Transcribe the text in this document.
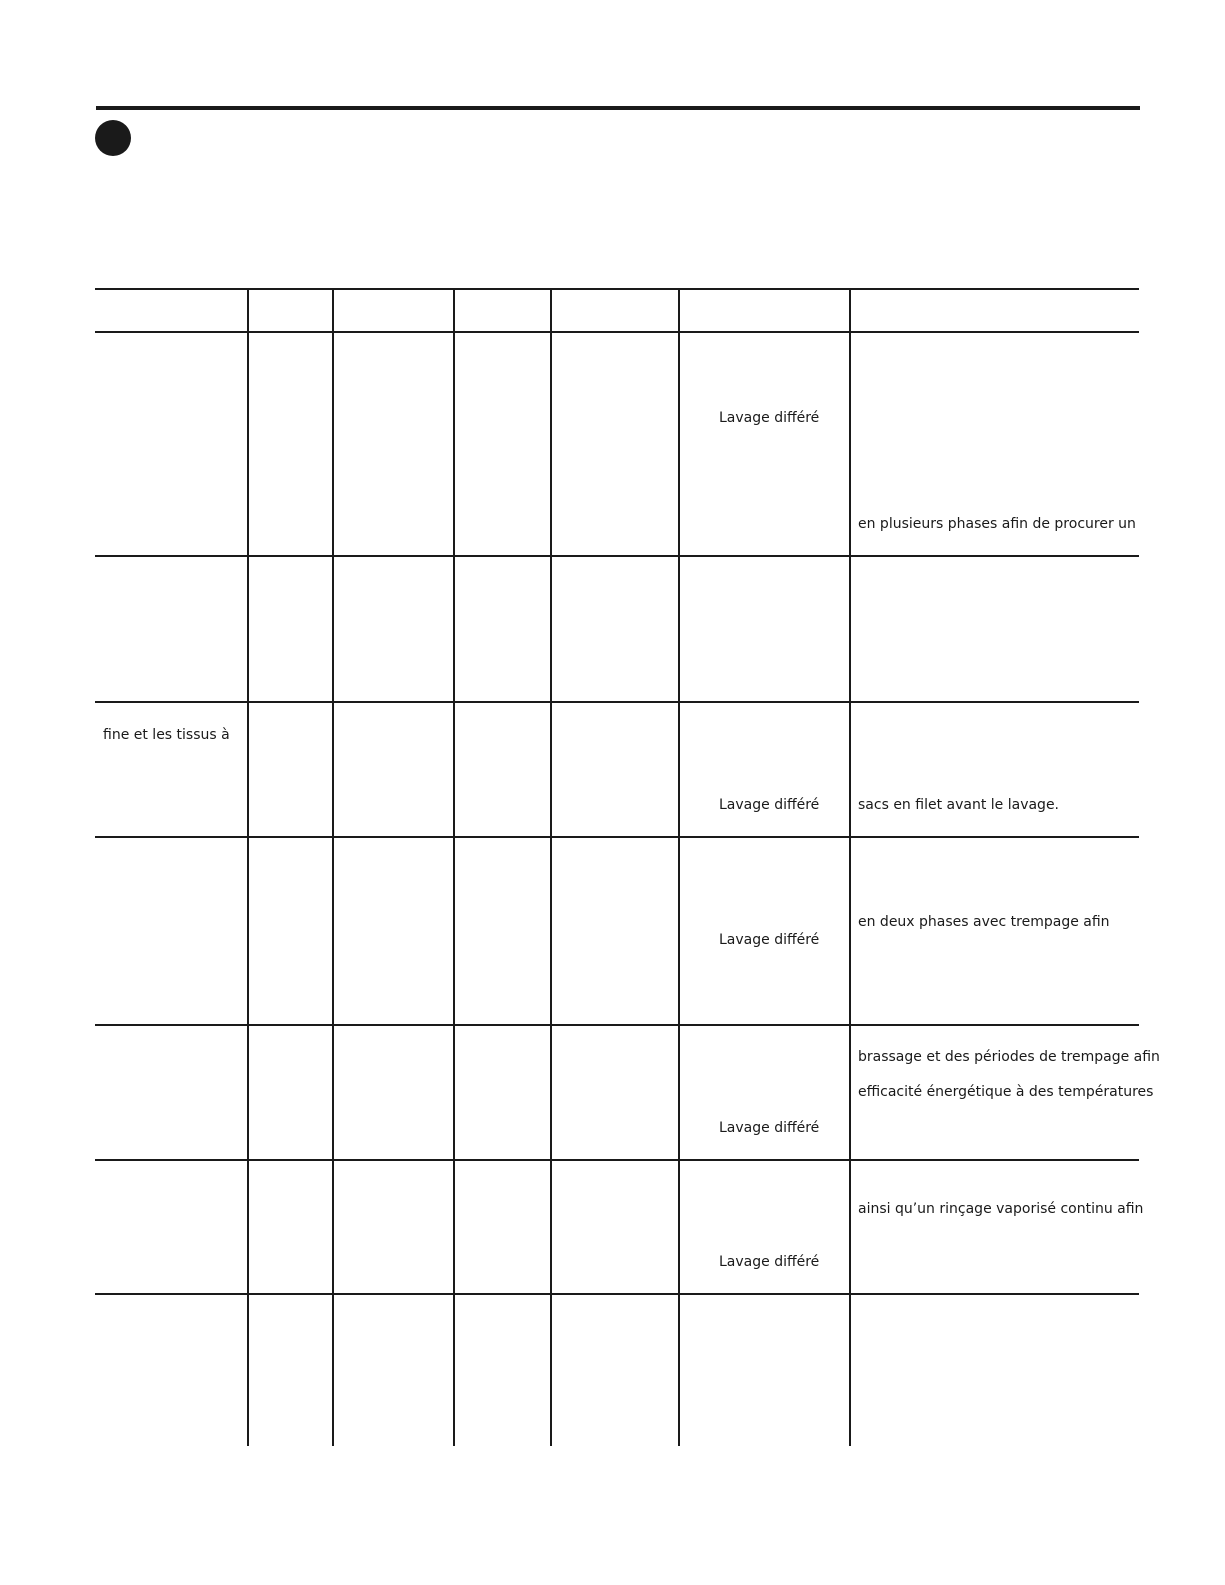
Lavage différé
en plusieurs phases afin de procurer un
fine et les tissus à
Lavage différé	sacs en filet avant le lavage.
en deux phases avec trempage afin
Lavage différé
brassage et des périodes de trempage afin
efficacité énergétique à des températures
Lavage différé
ainsi qu’un rinçage vaporisé continu afin
Lavage différé
